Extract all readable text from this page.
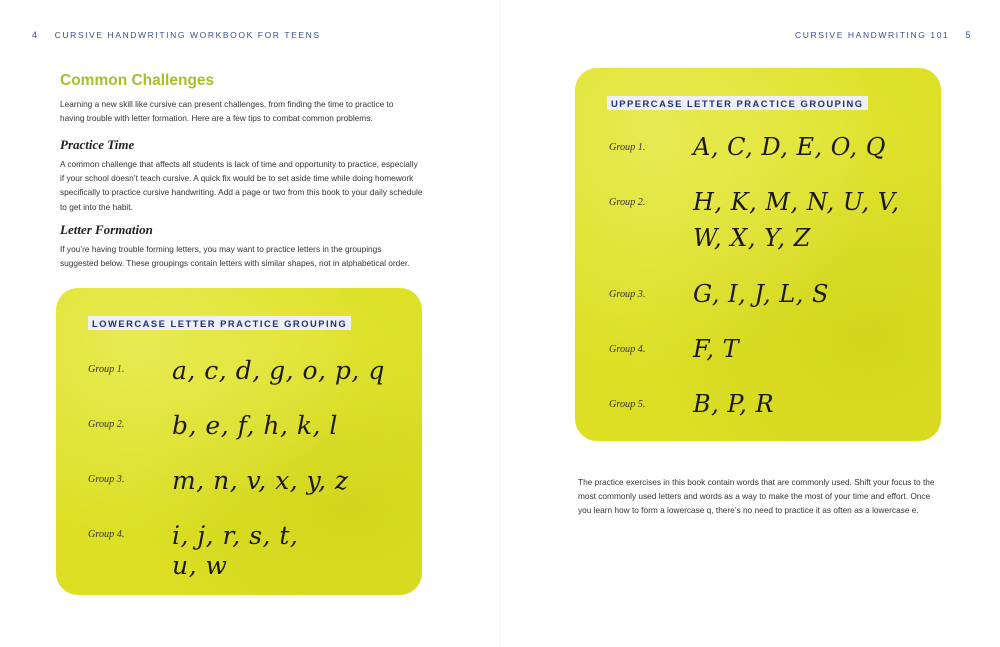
4 CURSIVE HANDWRITING WORKBOOK FOR TEENS
Common Challenges

Learning a new skill like cursive can present challenges, from finding the time to practice to having trouble with letter formation. Here are a few tips to combat common problems.

Practice Time

A common challenge that affects all students is lack of time and opportunity to practice, especially if your school doesn’t teach cursive. A quick fix would be to set aside time while doing homework specifically to practice cursive handwriting. Add a page or two from this book to your daily schedule to get into the habit.

Letter Formation

If you’re having trouble forming letters, you may want to practice letters in the groupings suggested below. These groupings contain letters with similar shapes, not in alphabetical order.

LOWERCASE LETTER PRACTICE GROUPING
Group 1.	a, c, d, g, o, p, q
Group 2.	b, e, f, h, k, l
Group 3.	m, n, v, x, y, z
Group 4.	i, j, r, s, t,
u, w
CURSIVE HANDWRITING 101 5
UPPERCASE LETTER PRACTICE GROUPING
Group 1.	A, C, D, E, O, Q
Group 2.	H, K, M, N, U, V,
W, X, Y, Z
Group 3.	G, I, J, L, S
Group 4.	F, T
Group 5.	B, P, R

The practice exercises in this book contain words that are commonly used. Shift your focus to the most commonly used letters and words as a way to make the most of your time and effort. Once you learn how to form a lowercase q, there’s no need to practice it as often as a lowercase e.
